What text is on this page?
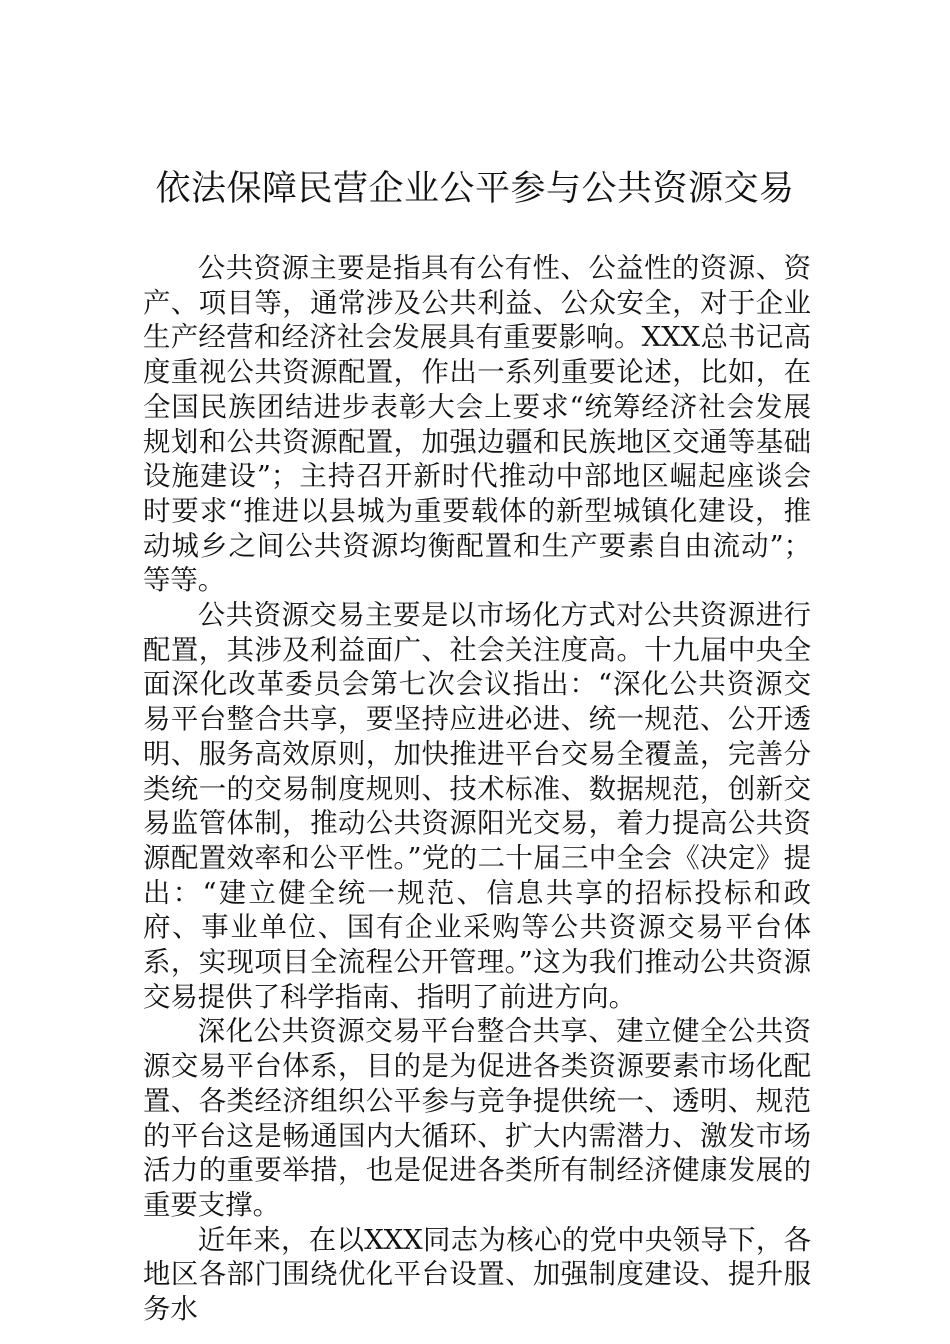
依法保障民营企业公平参与公共资源交易

公共资源主要是指具有公有性、公益性的资源、资产、项目等，通常涉及公共利益、公众安全，对于企业生产经营和经济社会发展具有重要影响。XXX总书记高度重视公共资源配置，作出一系列重要论述，比如，在全国民族团结进步表彰大会上要求“统筹经济社会发展规划和公共资源配置，加强边疆和民族地区交通等基础设施建设”；主持召开新时代推动中部地区崛起座谈会时要求“推进以县城为重要载体的新型城镇化建设，推动城乡之间公共资源均衡配置和生产要素自由流动”；等等。

公共资源交易主要是以市场化方式对公共资源进行配置，其涉及利益面广、社会关注度高。十九届中央全面深化改革委员会第七次会议指出：“深化公共资源交易平台整合共享，要坚持应进必进、统一规范、公开透明、服务高效原则，加快推进平台交易全覆盖，完善分类统一的交易制度规则、技术标准、数据规范，创新交易监管体制，推动公共资源阳光交易，着力提高公共资源配置效率和公平性。”党的二十届三中全会《决定》提出：“建立健全统一规范、信息共享的招标投标和政府、事业单位、国有企业采购等公共资源交易平台体系，实现项目全流程公开管理。”这为我们推动公共资源交易提供了科学指南、指明了前进方向。

深化公共资源交易平台整合共享、建立健全公共资源交易平台体系，目的是为促进各类资源要素市场化配置、各类经济组织公平参与竞争提供统一、透明、规范的平台这是畅通国内大循环、扩大内需潜力、激发市场活力的重要举措，也是促进各类所有制经济健康发展的重要支撑。

近年来，在以XXX同志为核心的党中央领导下，各地区各部门围绕优化平台设置、加强制度建设、提升服务水
